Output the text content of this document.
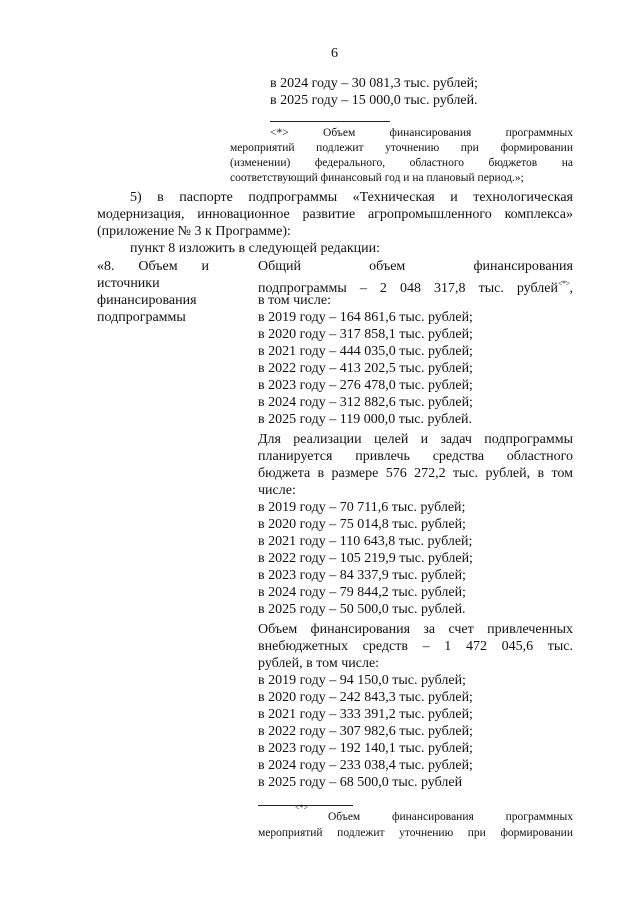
6
в 2024 году – 30 081,3 тыс. рублей;
в 2025 году – 15 000,0 тыс. рублей.
<*> Объем финансирования программных
мероприятий подлежит уточнению при формировании
(изменении) федерального, областного бюджетов на
соответствующий финансовый год и на плановый период.»;
5) в паспорте подпрограммы «Техническая и технологическая
модернизация, инновационное развитие агропромышленного комплекса»
(приложение № 3 к Программе):
пункт 8 изложить в следующей редакции:
«8. Объем и
источники
финансирования
подпрограммы
Общий объем финансирования
подпрограммы – 2 048 317,8 тыс. рублей<*>,
в том числе:
в 2019 году – 164 861,6 тыс. рублей;
в 2020 году – 317 858,1 тыс. рублей;
в 2021 году – 444 035,0 тыс. рублей;
в 2022 году – 413 202,5 тыс. рублей;
в 2023 году – 276 478,0 тыс. рублей;
в 2024 году – 312 882,6 тыс. рублей;
в 2025 году – 119 000,0 тыс. рублей.
Для реализации целей и задач подпрограммы
планируется привлечь средства областного
бюджета в размере 576 272,2 тыс. рублей, в том
числе:
в 2019 году – 70 711,6 тыс. рублей;
в 2020 году – 75 014,8 тыс. рублей;
в 2021 году – 110 643,8 тыс. рублей;
в 2022 году – 105 219,9 тыс. рублей;
в 2023 году – 84 337,9 тыс. рублей;
в 2024 году – 79 844,2 тыс. рублей;
в 2025 году – 50 500,0 тыс. рублей.
Объем финансирования за счет привлеченных
внебюджетных средств – 1 472 045,6 тыс.
рублей, в том числе:
в 2019 году – 94 150,0 тыс. рублей;
в 2020 году – 242 843,3 тыс. рублей;
в 2021 году – 333 391,2 тыс. рублей;
в 2022 году – 307 982,6 тыс. рублей;
в 2023 году – 192 140,1 тыс. рублей;
в 2024 году – 233 038,4 тыс. рублей;
в 2025 году – 68 500,0 тыс. рублей
<*>
Объем финансирования программных
мероприятий подлежит уточнению при формировании
